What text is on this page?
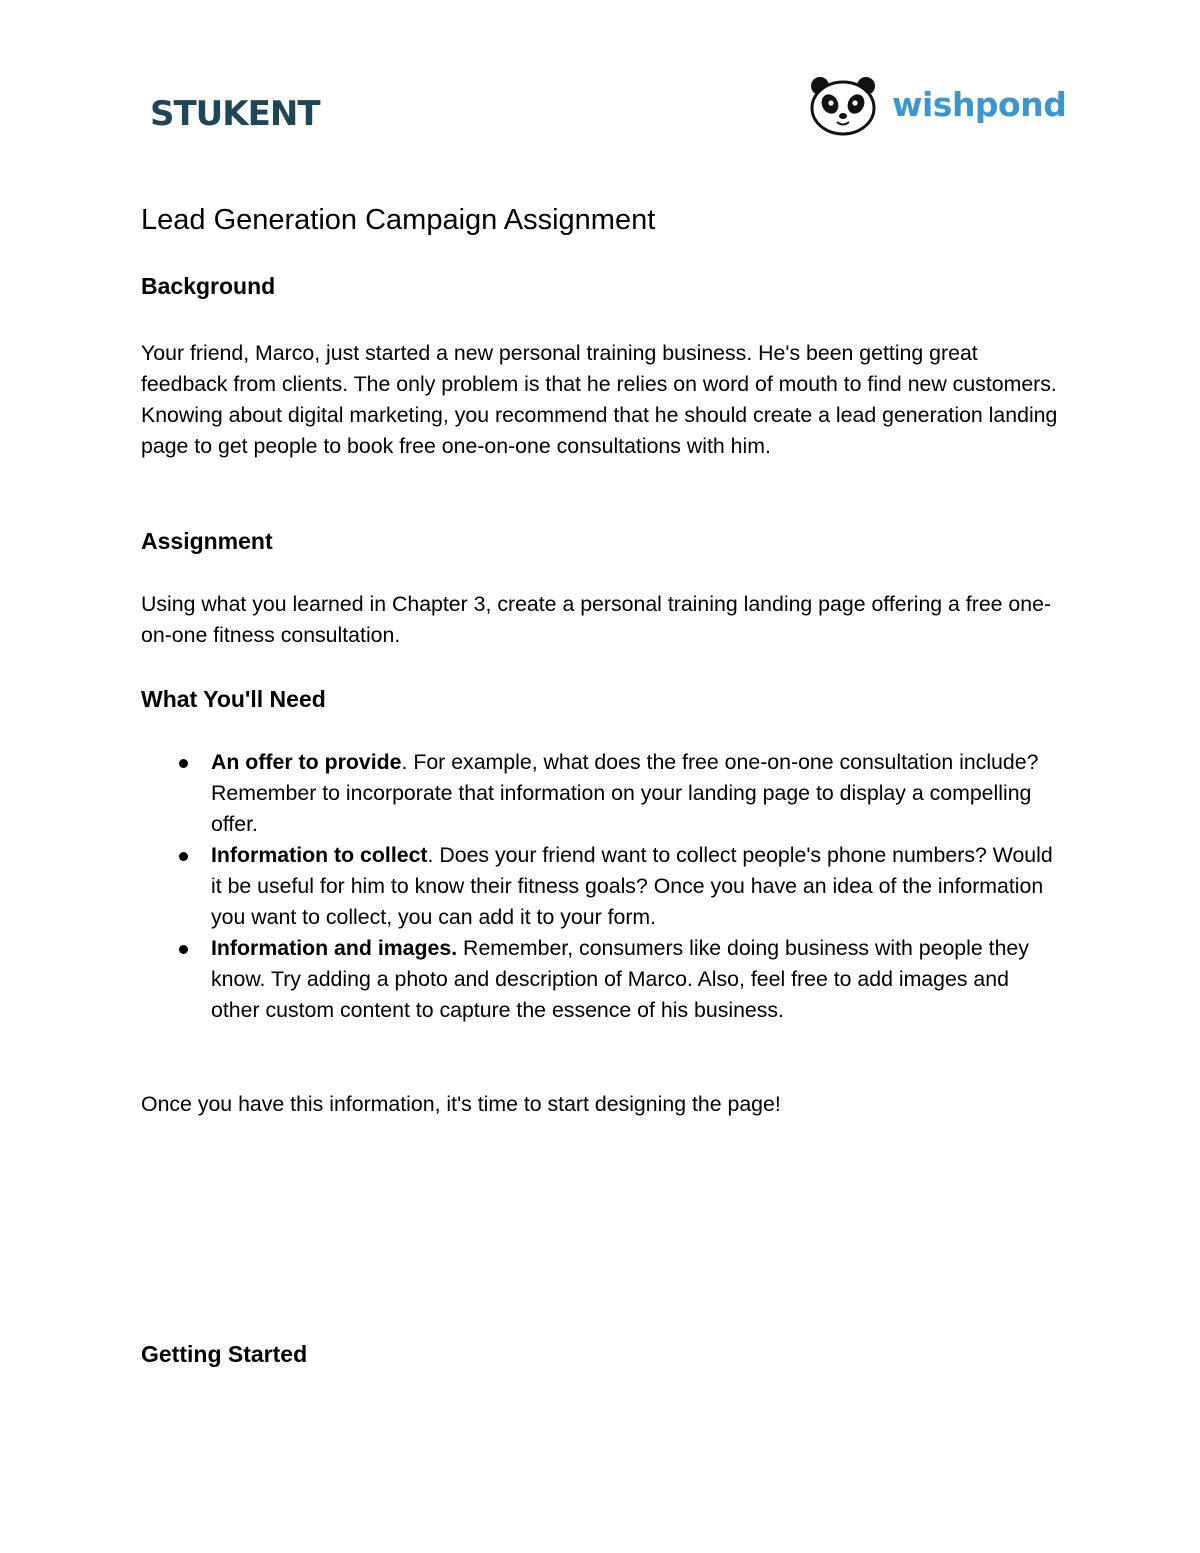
STUKENT	wishpond
Lead Generation Campaign Assignment
Background

Your friend, Marco, just started a new personal training business. He's been getting great feedback from clients. The only problem is that he relies on word of mouth to find new customers. Knowing about digital marketing, you recommend that he should create a lead generation landing page to get people to book free one-on-one consultations with him.

Assignment

Using what you learned in Chapter 3, create a personal training landing page offering a free one-on-one fitness consultation.

What You'll Need
An offer to provide. For example, what does the free one-on-one consultation include? Remember to incorporate that information on your landing page to display a compelling offer.
Information to collect. Does your friend want to collect people's phone numbers? Would it be useful for him to know their fitness goals? Once you have an idea of the information you want to collect, you can add it to your form.
Information and images. Remember, consumers like doing business with people they know. Try adding a photo and description of Marco. Also, feel free to add images and other custom content to capture the essence of his business.

Once you have this information, it's time to start designing the page!

Getting Started
